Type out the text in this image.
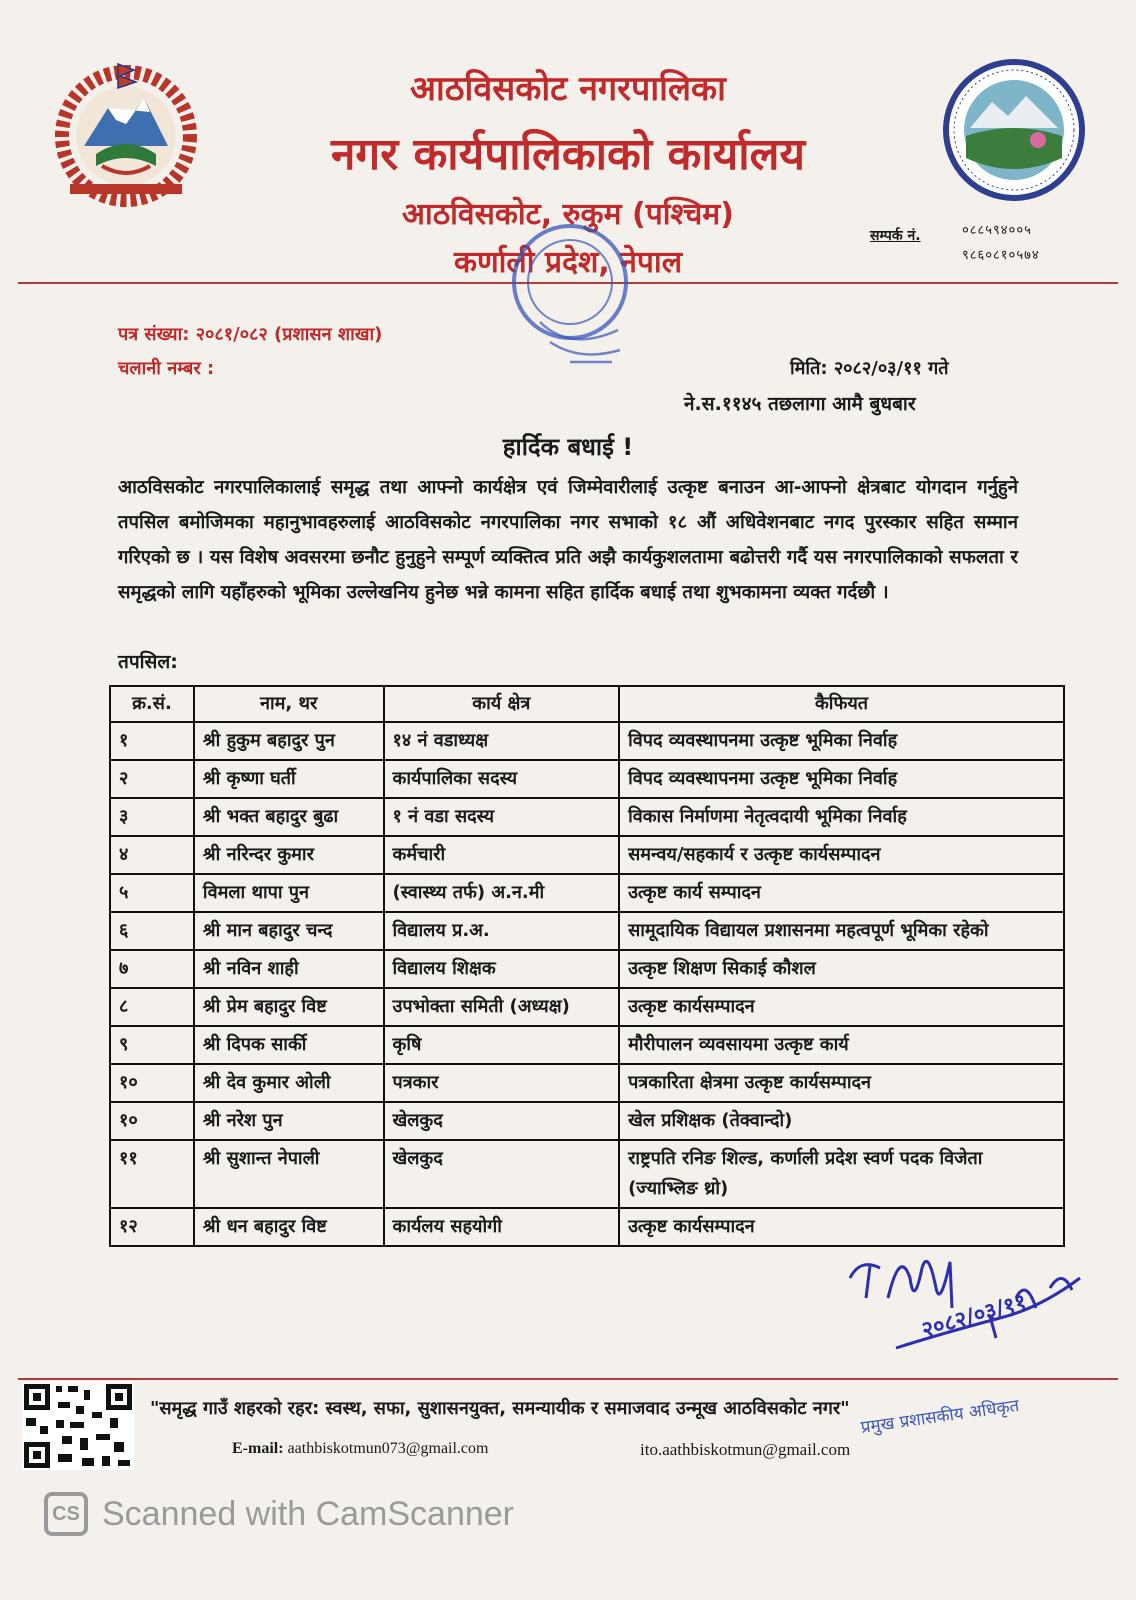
आठविसकोट नगरपालिका
नगर कार्यपालिकाको कार्यालय
आठविसकोट, रुकुम (पश्चिम)
कर्णाली प्रदेश, नेपाल
सम्पर्क नं.	०८८५९४००५
९८६०८१०५७४
पत्र संख्या: २०८१/०८२ (प्रशासन शाखा)
चलानी नम्बर :	मिति: २०८२/०३/११ गते
ने.स.११४५ तछलागा आमै बुधबार
हार्दिक बधाई !
आठविसकोट नगरपालिकालाई समृद्ध तथा आफ्नो कार्यक्षेत्र एवं जिम्मेवारीलाई उत्कृष्ट बनाउन आ-आफ्नो क्षेत्रबाट योगदान गर्नुहुने तपसिल बमोजिमका महानुभावहरुलाई आठविसकोट नगरपालिका नगर सभाको १८ औं अधिवेशनबाट नगद पुरस्कार सहित सम्मान गरिएको छ । यस विशेष अवसरमा छनौट हुनुहुने सम्पूर्ण व्यक्तित्व प्रति अझै कार्यकुशलतामा बढोत्तरी गर्दै यस नगरपालिकाको सफलता र समृद्धको लागि यहाँहरुको भूमिका उल्लेखनिय हुनेछ भन्ने कामना सहित हार्दिक बधाई तथा शुभकामना व्यक्त गर्दछौ ।
तपसिल:
क्र.सं.	नाम, थर	कार्य क्षेत्र	कैफियत
१	श्री हुकुम बहादुर पुन	१४ नं वडाध्यक्ष	विपद व्यवस्थापनमा उत्कृष्ट भूमिका निर्वाह
२	श्री कृष्णा घर्ती	कार्यपालिका सदस्य	विपद व्यवस्थापनमा उत्कृष्ट भूमिका निर्वाह
३	श्री भक्त बहादुर बुढा	१ नं वडा सदस्य	विकास निर्माणमा नेतृत्वदायी भूमिका निर्वाह
४	श्री नरिन्दर कुमार	कर्मचारी	समन्वय/सहकार्य र उत्कृष्ट कार्यसम्पादन
५	विमला थापा पुन	(स्वास्थ्य तर्फ) अ.न.मी	उत्कृष्ट कार्य सम्पादन
६	श्री मान बहादुर चन्द	विद्यालय प्र.अ.	सामूदायिक विद्यायल प्रशासनमा महत्वपूर्ण भूमिका रहेको
७	श्री नविन शाही	विद्यालय शिक्षक	उत्कृष्ट शिक्षण सिकाई कौशल
८	श्री प्रेम बहादुर विष्ट	उपभोक्ता समिती (अध्यक्ष)	उत्कृष्ट कार्यसम्पादन
९	श्री दिपक सार्की	कृषि	मौरीपालन व्यवसायमा उत्कृष्ट कार्य
१०	श्री देव कुमार ओली	पत्रकार	पत्रकारिता क्षेत्रमा उत्कृष्ट कार्यसम्पादन
१०	श्री नरेश पुन	खेलकुद	खेल प्रशिक्षक (तेक्वान्दो)
११	श्री सुशान्त नेपाली	खेलकुद	राष्ट्रपति रनिङ शिल्ड, कर्णाली प्रदेश स्वर्ण पदक विजेता (ज्याभ्लिङ थ्रो)
१२	श्री धन बहादुर विष्ट	कार्यलय सहयोगी	उत्कृष्ट कार्यसम्पादन
"समृद्ध गाउँ शहरको रहर: स्वस्थ, सफा, सुशासनयुक्त, समन्यायीक र समाजवाद उन्मूख आठविसकोट नगर"
E-mail: aathbiskotmun073@gmail.com	ito.aathbiskotmun@gmail.com
२०८२/०३/११
प्रमुख प्रशासकीय अधिकृत
CS Scanned with CamScanner
